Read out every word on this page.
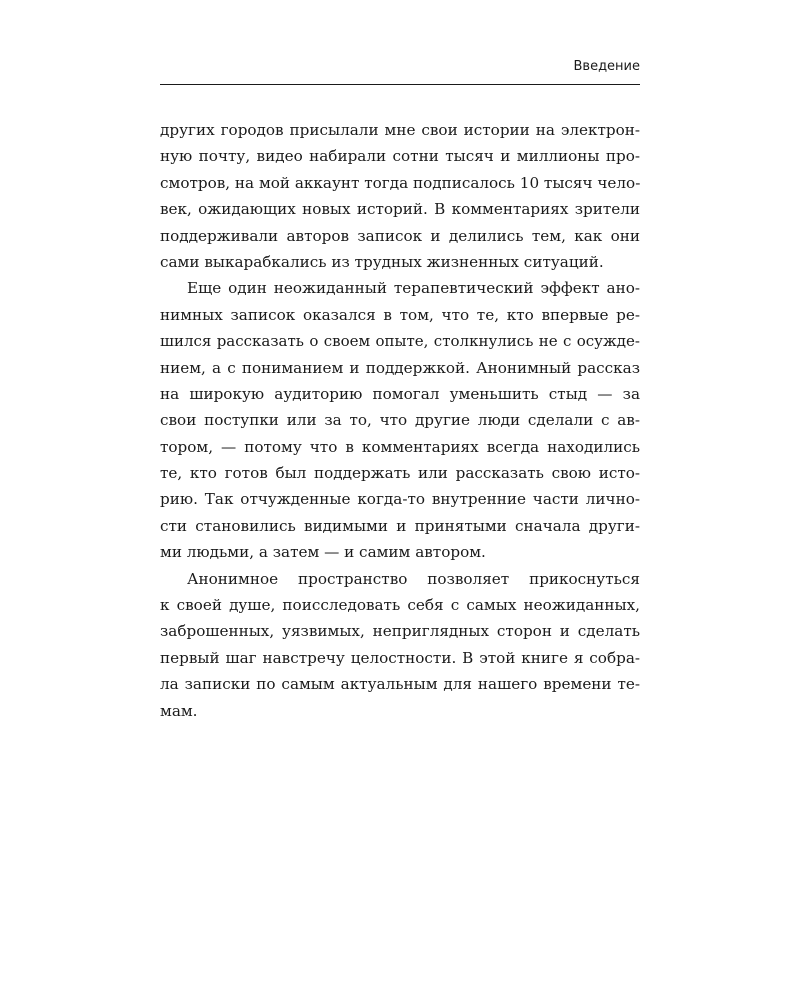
Введение
других городов присылали мне свои истории на электрон-
ную почту, видео набирали сотни тысяч и миллионы про-
смотров, на мой аккаунт тогда подписалось 10 тысяч чело-
век, ожидающих новых историй. В комментариях зрители
поддерживали авторов записок и делились тем, как они
сами выкарабкались из трудных жизненных ситуаций.
Еще один неожиданный терапевтический эффект ано-
нимных записок оказался в том, что те, кто впервые ре-
шился рассказать о своем опыте, столкнулись не с осужде-
нием, а с пониманием и поддержкой. Анонимный рассказ
на широкую аудиторию помогал уменьшить стыд — за
свои поступки или за то, что другие люди сделали с ав-
тором, — потому что в комментариях всегда находились
те, кто готов был поддержать или рассказать свою исто-
рию. Так отчужденные когда-то внутренние части лично-
сти становились видимыми и принятыми сначала други-
ми людьми, а затем — и самим автором.
Анонимное пространство позволяет прикоснуться
к своей душе, поисследовать себя с самых неожиданных,
заброшенных, уязвимых, неприглядных сторон и сделать
первый шаг навстречу целостности. В этой книге я собра-
ла записки по самым актуальным для нашего времени те-
мам.
